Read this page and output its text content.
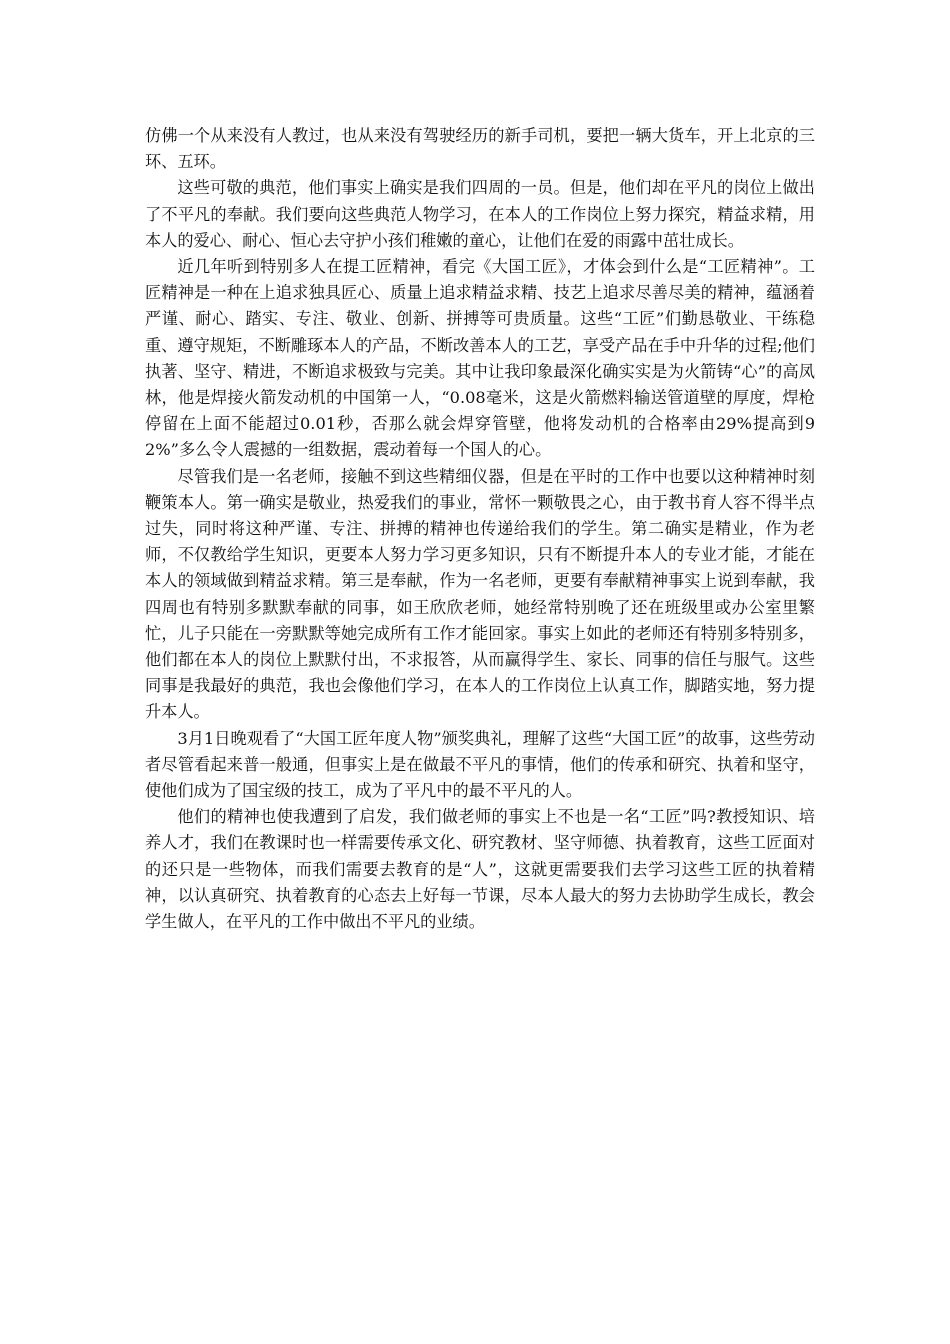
仿佛一个从来没有人教过，也从来没有驾驶经历的新手司机，要把一辆大货车，开上北京的三环、五环。

这些可敬的典范，他们事实上确实是我们四周的一员。但是，他们却在平凡的岗位上做出了不平凡的奉献。我们要向这些典范人物学习，在本人的工作岗位上努力探究，精益求精，用本人的爱心、耐心、恒心去守护小孩们稚嫩的童心，让他们在爱的雨露中茁壮成长。

近几年听到特别多人在提工匠精神，看完《大国工匠》，才体会到什么是“工匠精神”。工匠精神是一种在上追求独具匠心、质量上追求精益求精、技艺上追求尽善尽美的精神，蕴涵着严谨、耐心、踏实、专注、敬业、创新、拼搏等可贵质量。这些“工匠”们勤恳敬业、干练稳重、遵守规矩，不断雕琢本人的产品，不断改善本人的工艺，享受产品在手中升华的过程;他们执著、坚守、精进，不断追求极致与完美。其中让我印象最深化确实实是为火箭铸“心”的高凤林，他是焊接火箭发动机的中国第一人，“0.08毫米，这是火箭燃料输送管道壁的厚度，焊枪停留在上面不能超过0.01秒，否那么就会焊穿管壁，他将发动机的合格率由29%提高到92%”多么令人震撼的一组数据，震动着每一个国人的心。

尽管我们是一名老师，接触不到这些精细仪器，但是在平时的工作中也要以这种精神时刻鞭策本人。第一确实是敬业，热爱我们的事业，常怀一颗敬畏之心，由于教书育人容不得半点过失，同时将这种严谨、专注、拼搏的精神也传递给我们的学生。第二确实是精业，作为老师，不仅教给学生知识，更要本人努力学习更多知识，只有不断提升本人的专业才能，才能在本人的领域做到精益求精。第三是奉献，作为一名老师，更要有奉献精神事实上说到奉献，我四周也有特别多默默奉献的同事，如王欣欣老师，她经常特别晚了还在班级里或办公室里繁忙，儿子只能在一旁默默等她完成所有工作才能回家。事实上如此的老师还有特别多特别多，他们都在本人的岗位上默默付出，不求报答，从而赢得学生、家长、同事的信任与服气。这些同事是我最好的典范，我也会像他们学习，在本人的工作岗位上认真工作，脚踏实地，努力提升本人。

3月1日晚观看了“大国工匠年度人物”颁奖典礼，理解了这些“大国工匠”的故事，这些劳动者尽管看起来普一般通，但事实上是在做最不平凡的事情，他们的传承和研究、执着和坚守，使他们成为了国宝级的技工，成为了平凡中的最不平凡的人。

他们的精神也使我遭到了启发，我们做老师的事实上不也是一名“工匠”吗?教授知识、培养人才，我们在教课时也一样需要传承文化、研究教材、坚守师德、执着教育，这些工匠面对的还只是一些物体，而我们需要去教育的是“人”，这就更需要我们去学习这些工匠的执着精神，以认真研究、执着教育的心态去上好每一节课，尽本人最大的努力去协助学生成长，教会学生做人，在平凡的工作中做出不平凡的业绩。
